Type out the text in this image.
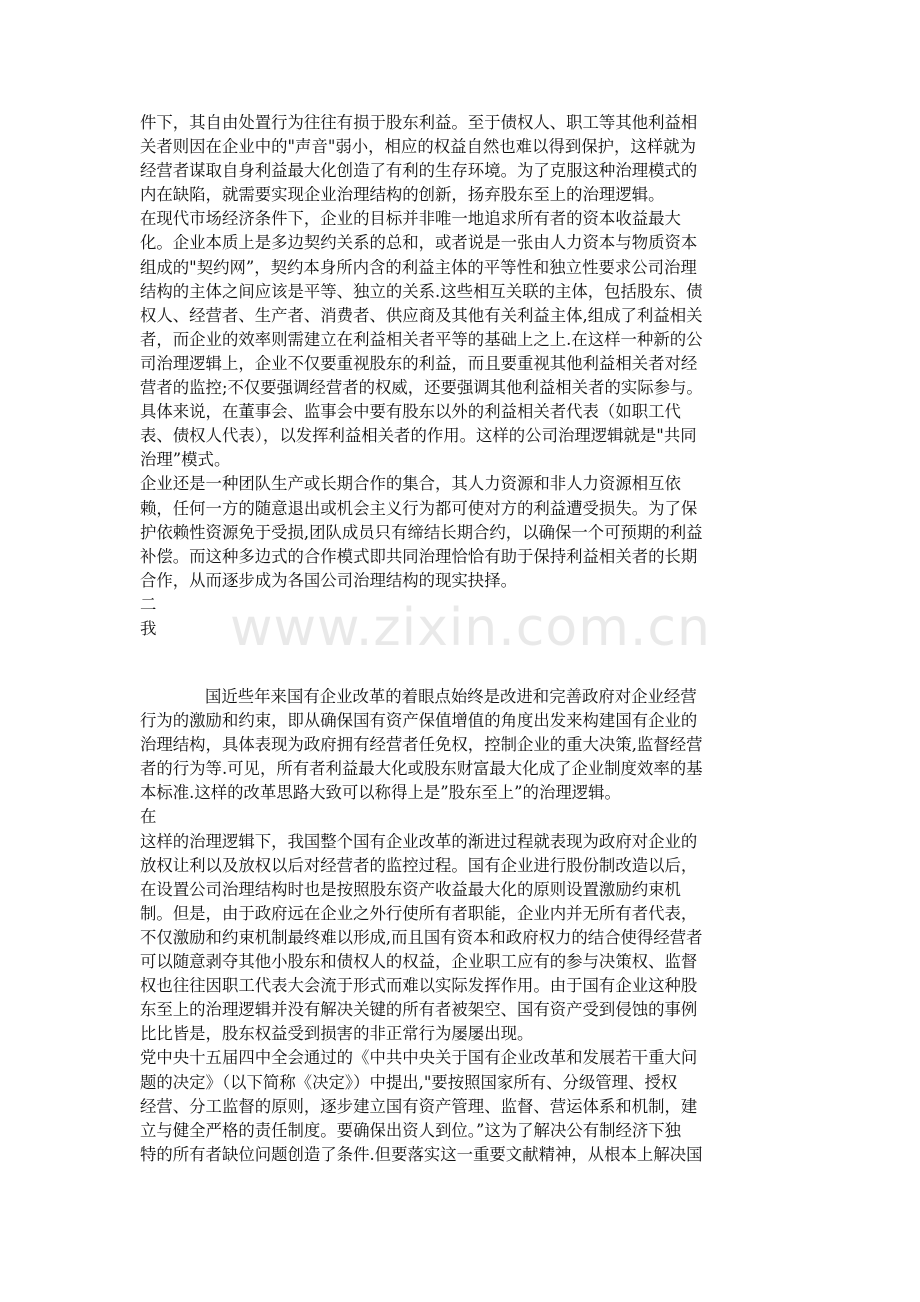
件下，其自由处置行为往往有损于股东利益。至于债权人、职工等其他利益相
关者则因在企业中的"声音"弱小，相应的权益自然也难以得到保护，这样就为
经营者谋取自身利益最大化创造了有利的生存环境。为了克服这种治理模式的
内在缺陷，就需要实现企业治理结构的创新，扬弃股东至上的治理逻辑。
在现代市场经济条件下，企业的目标并非唯一地追求所有者的资本收益最大
化。企业本质上是多边契约关系的总和，或者说是一张由人力资本与物质资本
组成的"契约网”，契约本身所内含的利益主体的平等性和独立性要求公司治理
结构的主体之间应该是平等、独立的关系.这些相互关联的主体，包括股东、债
权人、经营者、生产者、消费者、供应商及其他有关利益主体,组成了利益相关
者，而企业的效率则需建立在利益相关者平等的基础上之上.在这样一种新的公
司治理逻辑上，企业不仅要重视股东的利益，而且要重视其他利益相关者对经
营者的监控;不仅要强调经营者的权威，还要强调其他利益相关者的实际参与。
具体来说，在董事会、监事会中要有股东以外的利益相关者代表（如职工代
表、债权人代表），以发挥利益相关者的作用。这样的公司治理逻辑就是"共同
治理”模式。
企业还是一种团队生产或长期合作的集合，其人力资源和非人力资源相互依
赖，任何一方的随意退出或机会主义行为都可使对方的利益遭受损失。为了保
护依赖性资源免于受损,团队成员只有缔结长期合约，以确保一个可预期的利益
补偿。而这种多边式的合作模式即共同治理恰恰有助于保持利益相关者的长期
合作，从而逐步成为各国公司治理结构的现实抉择。
二
我
国近些年来国有企业改革的着眼点始终是改进和完善政府对企业经营
行为的激励和约束，即从确保国有资产保值增值的角度出发来构建国有企业的
治理结构，具体表现为政府拥有经营者任免权，控制企业的重大决策,监督经营
者的行为等.可见，所有者利益最大化或股东财富最大化成了企业制度效率的基
本标准.这样的改革思路大致可以称得上是”股东至上”的治理逻辑。
在
这样的治理逻辑下，我国整个国有企业改革的渐进过程就表现为政府对企业的
放权让利以及放权以后对经营者的监控过程。国有企业进行股份制改造以后，
在设置公司治理结构时也是按照股东资产收益最大化的原则设置激励约束机
制。但是，由于政府远在企业之外行使所有者职能，企业内并无所有者代表，
不仅激励和约束机制最终难以形成,而且国有资本和政府权力的结合使得经营者
可以随意剥夺其他小股东和债权人的权益，企业职工应有的参与决策权、监督
权也往往因职工代表大会流于形式而难以实际发挥作用。由于国有企业这种股
东至上的治理逻辑并没有解决关键的所有者被架空、国有资产受到侵蚀的事例
比比皆是，股东权益受到损害的非正常行为屡屡出现。
党中央十五届四中全会通过的《中共中央关于国有企业改革和发展若干重大问
题的决定》（以下简称《决定》）中提出,"要按照国家所有、分级管理、授权
经营、分工监督的原则，逐步建立国有资产管理、监督、营运体系和机制，建
立与健全严格的责任制度。要确保出资人到位。”这为了解决公有制经济下独
特的所有者缺位问题创造了条件.但要落实这一重要文献精神，从根本上解决国
www.zixin.com.cn
